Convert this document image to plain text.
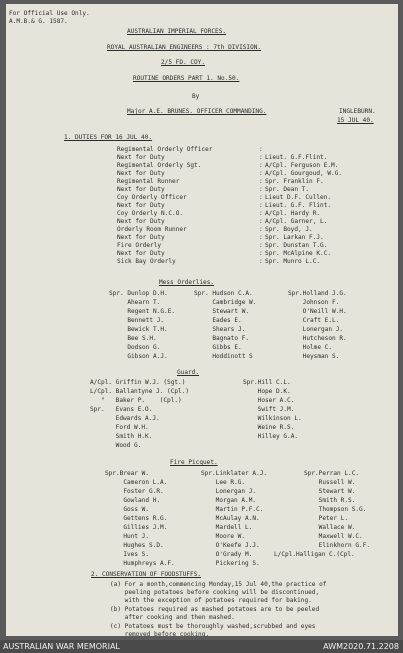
For Official Use Only.
A.M.B.& G. 1587.
AUSTRALIAN IMPERIAL FORCES.
ROYAL AUSTRALIAN ENGINEERS : 7th DIVISION.
2/5 FD. COY.
ROUTINE ORDERS PART 1. No.50.
By
Major A.E. BRUNES. OFFICER COMMANDING.	INGLEBURN.
15 JUL 40.
1. DUTIES FOR 16 JUL 40.
Regimental Orderly Officer
Next for Duty
Regimental Orderly Sgt.
Next for Duty
Regimental Runner
Next for Duty
Coy Orderly Officer
Next for Duty
Coy Orderly N.C.O.
Next for Duty
Orderly Room Runner
Next for Duty
Fire Orderly
Next for Duty
Sick Bay Orderly
:
:
:
:
:
:
:
:
:
:
:
:
:
:
:
Lieut. G.F.Flint.
A/Cpl. Ferguson E.M.
A/Cpl. Gourgoud, W.G.
Spr. Franklin F.
Spr. Dean T.
Lieut D.F. Cullen.
Lieut. G.F. Flint.
A/Cpl. Hardy R.
A/Cpl. Garner, L.
Spr. Boyd, J.
Spr. Larkan F.J.
Spr. Dunstan T.G.
Spr. McAlpine K.C.
Spr. Munro L.C.
Mess Orderlies.
Spr. Dunlop D.H.
Ahearn T.
Regent N.G.E.
Bennett J.
Bewick T.H.
Bee S.H.
Dodson G.
Gibson A.J.
Spr. Hudson C.A.
Cambridge W.
Stewart W.
Eades E.
Shears J.
Bagnato F.
Gibbs E.
Hoddinott S
Spr.Holland J.G.
Johnson F.
O'Neill W.H.
Craft E.L.
Lonergan J.
Hutcheson R.
Holme C.
Heysman S.
Guard.
A/Cpl. Griffin W.J. (Sgt.)
L/Cpl. Ballantyne J. (Cpl.)
"   Baker P.    (Cpl.)
Spr.   Evans E.O.
Edwards A.J.
Ford W.H.
Smith H.K.
Wood G.
Spr.Hill C.L.
Hope D.K.
Hoser A.C.
Swift J.M.
Wilkinson L.
Weine R.S.
Hilley G.A.
Fire Picquet.
Spr.Brear W.
Cameron L.A.
Foster G.R.
Gowland H.
Goss W.
Gettens R.G.
Gillies J.M.
Hunt J.
Hughes S.D.
Ives S.
Humphreys A.F.
Spr.Linklater A.J.
Lee R.G.
Lonergan J.
Morgan A.M.
Martin P.F.C.
McAulay A.N.
Mardell L.
Moore W.
O'Keefe J.J.
O'Grady M.
Pickering S.
Spr.Perran L.C.
Russell W.
Stewart W.
Smith R.S.
Thompson S.G.
Peter L.
Wallace W.
Maxwell W.C.
Elinkhorn G.F.
L/Cpl.Halligan C.(Cpl.
2. CONSERVATION OF FOODSTUFFS.
(a) For a month,commencing Monday,15 Jul 40,the practice of
peeling potatoes before cooking will be discontinued,
with the exception of potatoes required for baking.
(b) Potatoes required as mashed potatoes are to be peeled
after cooking and then mashed.
(c) Potatoes must be thoroughly washed,scrubbed and eyes
removed before cooking.
AUSTRALIAN WAR MEMORIAL	AWM2020.71.2208
